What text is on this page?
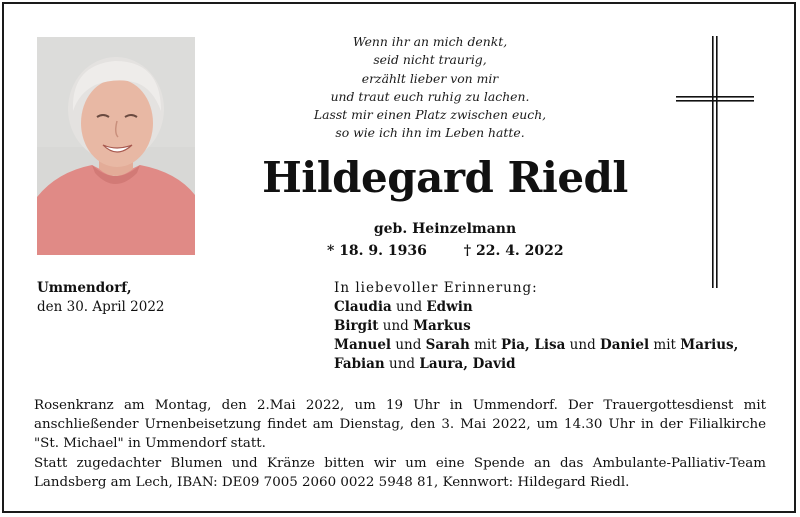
Wenn ihr an mich denkt,
seid nicht traurig,
erzählt lieber von mir
und traut euch ruhig zu lachen.
Lasst mir einen Platz zwischen euch,
so wie ich ihn im Leben hatte.
Hildegard Riedl
geb. Heinzelmann
* 18. 9. 1936	† 22. 4. 2022
Ummendorf,
den 30. April 2022
In liebevoller Erinnerung:
Claudia und Edwin
Birgit und Markus
Manuel und Sarah mit Pia, Lisa und Daniel mit Marius,
Fabian und Laura, David

Rosenkranz am Montag, den 2.Mai 2022, um 19 Uhr in Ummendorf. Der Trauergottesdienst mit anschließender Urnenbeisetzung findet am Dienstag, den 3. Mai 2022, um 14.30 Uhr in der Filialkirche "St. Michael" in Ummendorf statt.

Statt zugedachter Blumen und Kränze bitten wir um eine Spende an das Ambulante-Palliativ-Team Landsberg am Lech, IBAN: DE09 7005 2060 0022 5948 81, Kennwort: Hildegard Riedl.
